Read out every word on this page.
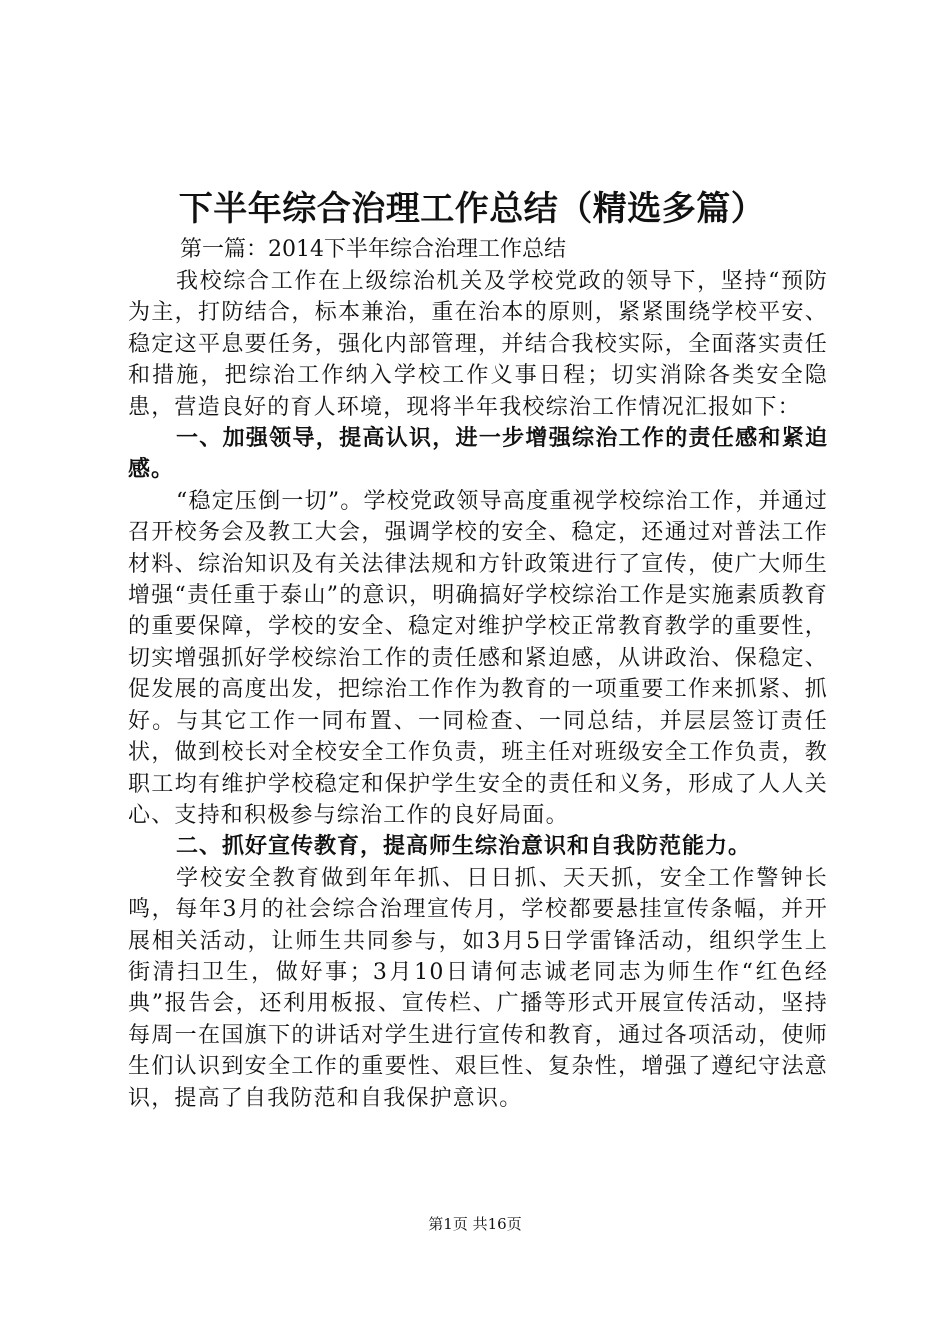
下半年综合治理工作总结（精选多篇）
第一篇：2014下半年综合治理工作总结

我校综合工作在上级综治机关及学校党政的领导下，坚持“预防为主，打防结合，标本兼治，重在治本的原则，紧紧围绕学校平安、稳定这平息要任务，强化内部管理，并结合我校实际，全面落实责任和措施，把综治工作纳入学校工作义事日程；切实消除各类安全隐患，营造良好的育人环境，现将半年我校综治工作情况汇报如下：

一、加强领导，提高认识，进一步增强综治工作的责任感和紧迫感。

“稳定压倒一切”。学校党政领导高度重视学校综治工作，并通过召开校务会及教工大会，强调学校的安全、稳定，还通过对普法工作材料、综治知识及有关法律法规和方针政策进行了宣传，使广大师生增强“责任重于泰山”的意识，明确搞好学校综治工作是实施素质教育的重要保障，学校的安全、稳定对维护学校正常教育教学的重要性，切实增强抓好学校综治工作的责任感和紧迫感，从讲政治、保稳定、促发展的高度出发，把综治工作作为教育的一项重要工作来抓紧、抓好。与其它工作一同布置、一同检查、一同总结，并层层签订责任状，做到校长对全校安全工作负责，班主任对班级安全工作负责，教职工均有维护学校稳定和保护学生安全的责任和义务，形成了人人关心、支持和积极参与综治工作的良好局面。

二、抓好宣传教育，提高师生综治意识和自我防范能力。

学校安全教育做到年年抓、日日抓、天天抓，安全工作警钟长鸣，每年3月的社会综合治理宣传月，学校都要悬挂宣传条幅，并开展相关活动，让师生共同参与，如3月5日学雷锋活动，组织学生上街清扫卫生，做好事；3月10日请何志诚老同志为师生作“红色经典”报告会，还利用板报、宣传栏、广播等形式开展宣传活动，坚持每周一在国旗下的讲话对学生进行宣传和教育，通过各项活动，使师生们认识到安全工作的重要性、艰巨性、复杂性，增强了遵纪守法意识，提高了自我防范和自我保护意识。

第1页 共16页
